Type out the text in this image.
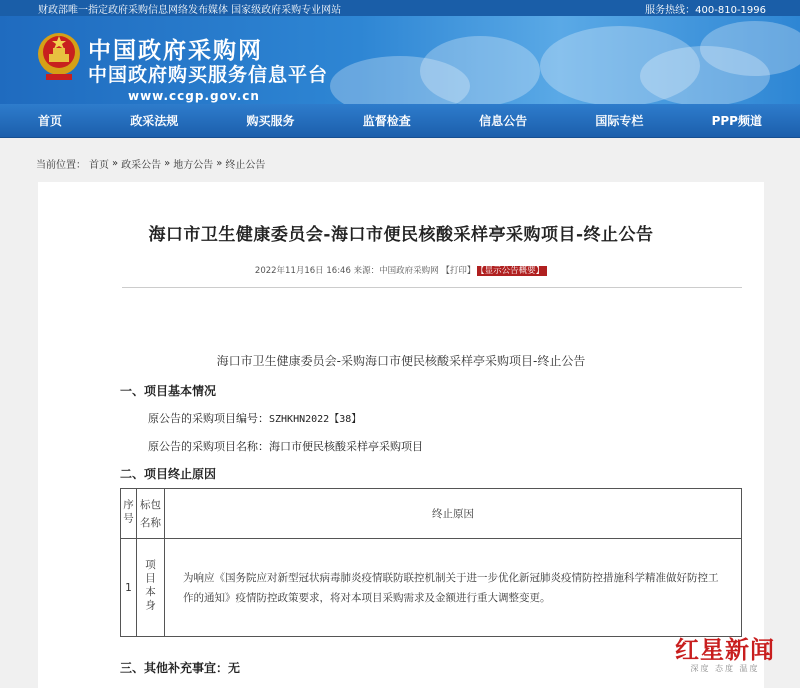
财政部唯一指定政府采购信息网络发布媒体 国家级政府采购专业网站	服务热线：400-810-1996
中国政府采购网
中国政府购买服务信息平台
www.ccgp.gov.cn
首页	政采法规	购买服务	监督检查	信息公告	国际专栏	PPP频道
当前位置： 首页 » 政采公告 » 地方公告 » 终止公告
海口市卫生健康委员会-海口市便民核酸采样亭采购项目-终止公告
2022年11月16日 16:46 来源：中国政府采购网 【打印】 【显示公告概要】
海口市卫生健康委员会-采购海口市便民核酸采样亭采购项目-终止公告
一、项目基本情况
原公告的采购项目编号：SZHKHN2022【38】
原公告的采购项目名称：海口市便民核酸采样亭采购项目
二、项目终止原因
序号	标包名称	终止原因
1	项目本身	为响应《国务院应对新型冠状病毒肺炎疫情联防联控机制关于进一步优化新冠肺炎疫情防控措施科学精准做好防控工作的通知》疫情防控政策要求，将对本项目采购需求及金额进行重大调整变更。
三、其他补充事宜：无
红星新闻
深度 态度 温度
